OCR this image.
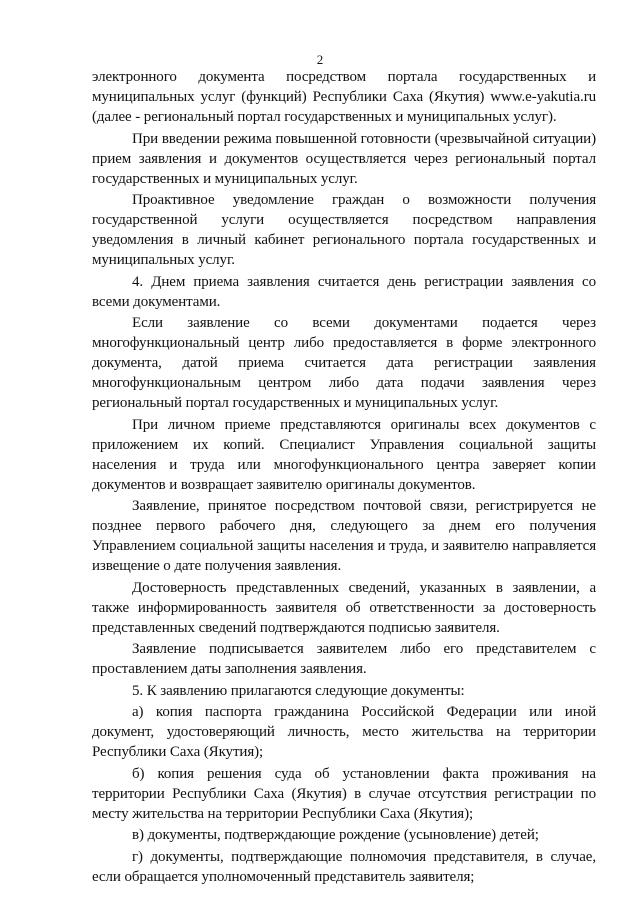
2

электронного документа посредством портала государственных и муниципальных услуг (функций) Республики Саха (Якутия) www.e-yakutia.ru (далее - региональный портал государственных и муниципальных услуг).

При введении режима повышенной готовности (чрезвычайной ситуации) прием заявления и документов осуществляется через региональный портал государственных и муниципальных услуг.

Проактивное уведомление граждан о возможности получения государственной услуги осуществляется посредством направления уведомления в личный кабинет регионального портала государственных и муниципальных услуг.

4. Днем приема заявления считается день регистрации заявления со всеми документами.

Если заявление со всеми документами подается через многофункциональный центр либо предоставляется в форме электронного документа, датой приема считается дата регистрации заявления многофункциональным центром либо дата подачи заявления через региональный портал государственных и муниципальных услуг.

При личном приеме представляются оригиналы всех документов с приложением их копий. Специалист Управления социальной защиты населения и труда или многофункционального центра заверяет копии документов и возвращает заявителю оригиналы документов.

Заявление, принятое посредством почтовой связи, регистрируется не позднее первого рабочего дня, следующего за днем его получения Управлением социальной защиты населения и труда, и заявителю направляется извещение о дате получения заявления.

Достоверность представленных сведений, указанных в заявлении, а также информированность заявителя об ответственности за достоверность представленных сведений подтверждаются подписью заявителя.

Заявление подписывается заявителем либо его представителем с проставлением даты заполнения заявления.

5. К заявлению прилагаются следующие документы:

а) копия паспорта гражданина Российской Федерации или иной документ, удостоверяющий личность, место жительства на территории Республики Саха (Якутия);

б) копия решения суда об установлении факта проживания на территории Республики Саха (Якутия) в случае отсутствия регистрации по месту жительства на территории Республики Саха (Якутия);

в) документы, подтверждающие рождение (усыновление) детей;

г) документы, подтверждающие полномочия представителя, в случае, если обращается уполномоченный представитель заявителя;
